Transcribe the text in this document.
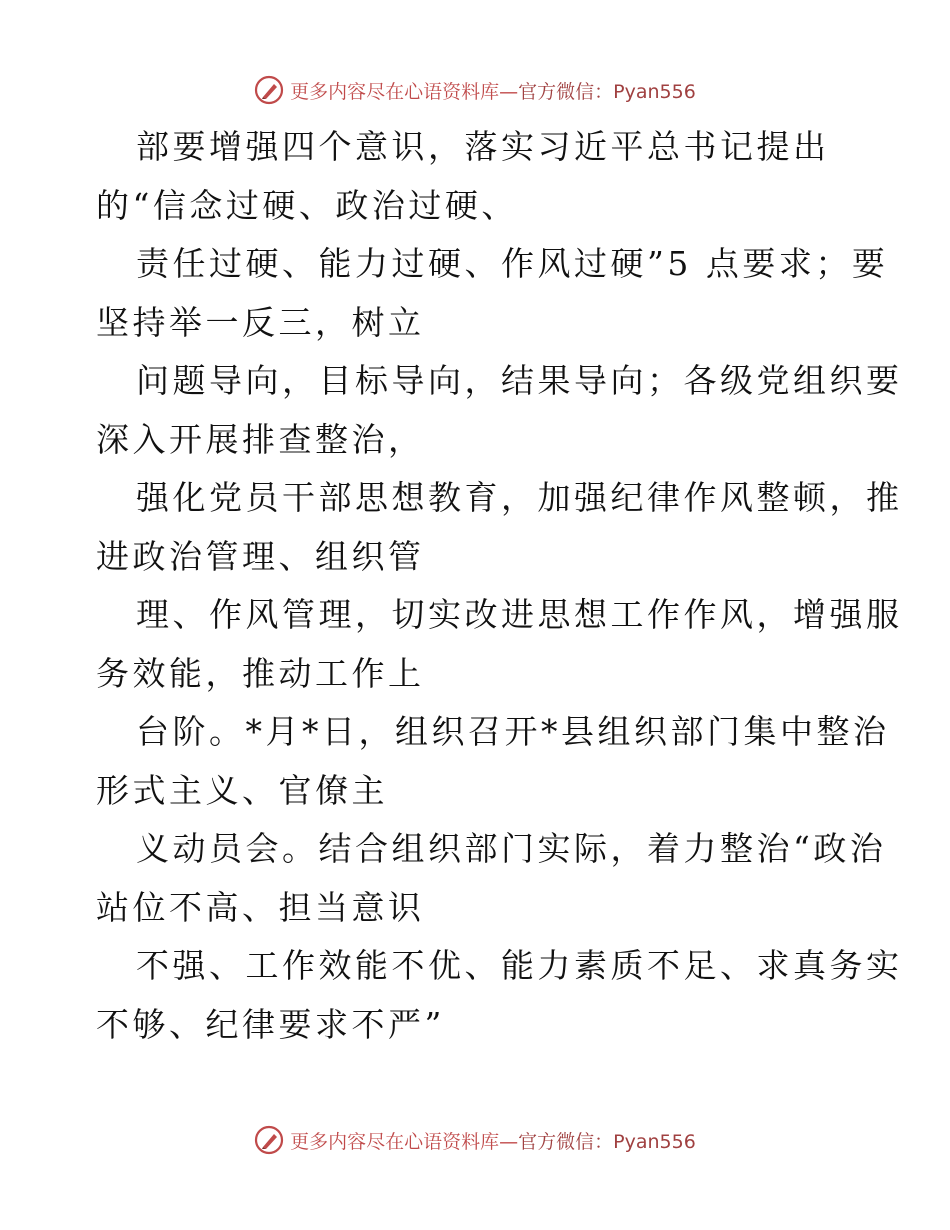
更多内容尽在心语资料库—官方微信：Pyan556
部要增强四个意识，落实习近平总书记提出
的“信念过硬、政治过硬、
责任过硬、能力过硬、作风过硬”5 点要求；要
坚持举一反三，树立
问题导向，目标导向，结果导向；各级党组织要
深入开展排查整治，
强化党员干部思想教育，加强纪律作风整顿，推
进政治管理、组织管
理、作风管理，切实改进思想工作作风，增强服
务效能，推动工作上
台阶。*月*日，组织召开*县组织部门集中整治
形式主义、官僚主
义动员会。结合组织部门实际，着力整治“政治
站位不高、担当意识
不强、工作效能不优、能力素质不足、求真务实
不够、纪律要求不严”
更多内容尽在心语资料库—官方微信：Pyan556
